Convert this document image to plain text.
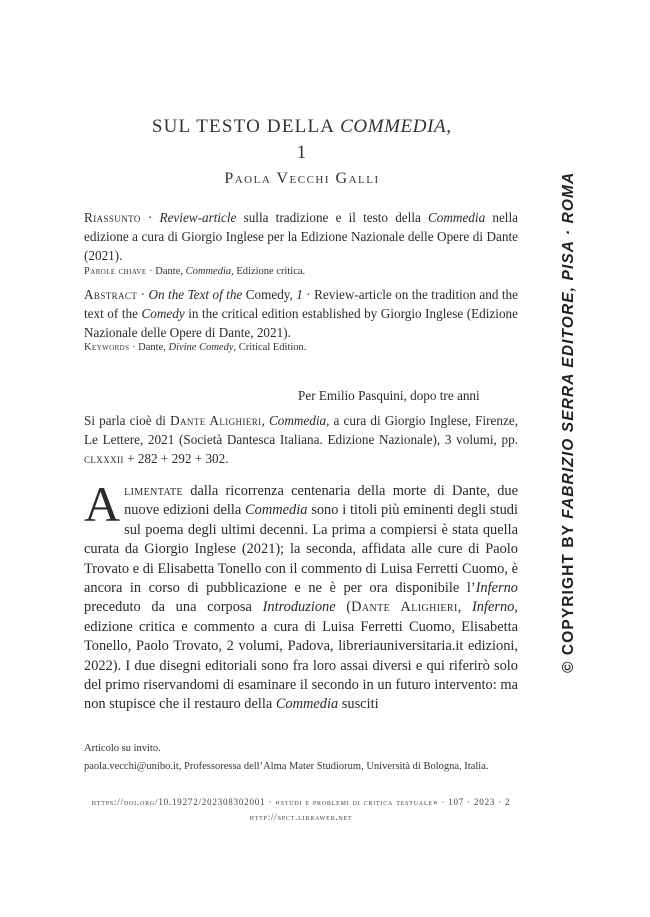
SUL TESTO DELLA COMMEDIA,
1
Paola Vecchi Galli
Riassunto · Review-article sulla tradizione e il testo della Commedia nella edizione a cura di Giorgio Inglese per la Edizione Nazionale delle Opere di Dante (2021).
Parole chiave · Dante, Commedia, Edizione critica.
Abstract · On the Text of the Comedy, 1 · Review-article on the tradition and the text of the Comedy in the critical edition established by Giorgio Inglese (Edizione Nazionale delle Opere di Dante, 2021).
Keywords · Dante, Divine Comedy, Critical Edition.
Per Emilio Pasquini, dopo tre anni
Si parla cioè di Dante Alighieri, Commedia, a cura di Giorgio Inglese, Firenze, Le Lettere, 2021 (Società Dantesca Italiana. Edizione Nazionale), 3 volumi, pp. clxxxii + 282 + 292 + 302.
Alimentate dalla ricorrenza centenaria della morte di Dante, due nuove edizioni della Commedia sono i titoli più eminenti degli studi sul poema degli ultimi decenni. La prima a compiersi è stata quella curata da Giorgio Inglese (2021); la seconda, affidata alle cure di Paolo Trovato e di Elisabetta Tonello con il commento di Luisa Ferretti Cuomo, è ancora in corso di pubblicazione e ne è per ora disponibile l’Inferno preceduto da una corposa Introduzione (Dante Alighieri, Inferno, edizione critica e commento a cura di Luisa Ferretti Cuomo, Elisabetta Tonello, Paolo Trovato, 2 volumi, Padova, libreriauniversitaria.it edizioni, 2022). I due disegni editoriali sono fra loro assai diversi e qui riferirò solo del primo riservandomi di esaminare il secondo in un futuro intervento: ma non stupisce che il restauro della Commedia susciti
Articolo su invito.
paola.vecchi@unibo.it, Professoressa dell’Alma Mater Studiorum, Università di Bologna, Italia.
https://doi.org/10.19272/202308302001 · «studi e problemi di critica testuale» · 107 · 2023 · 2
http://spct.libraweb.net
© COPYRIGHT BY FABRIZIO SERRA EDITORE, PISA · ROMA
